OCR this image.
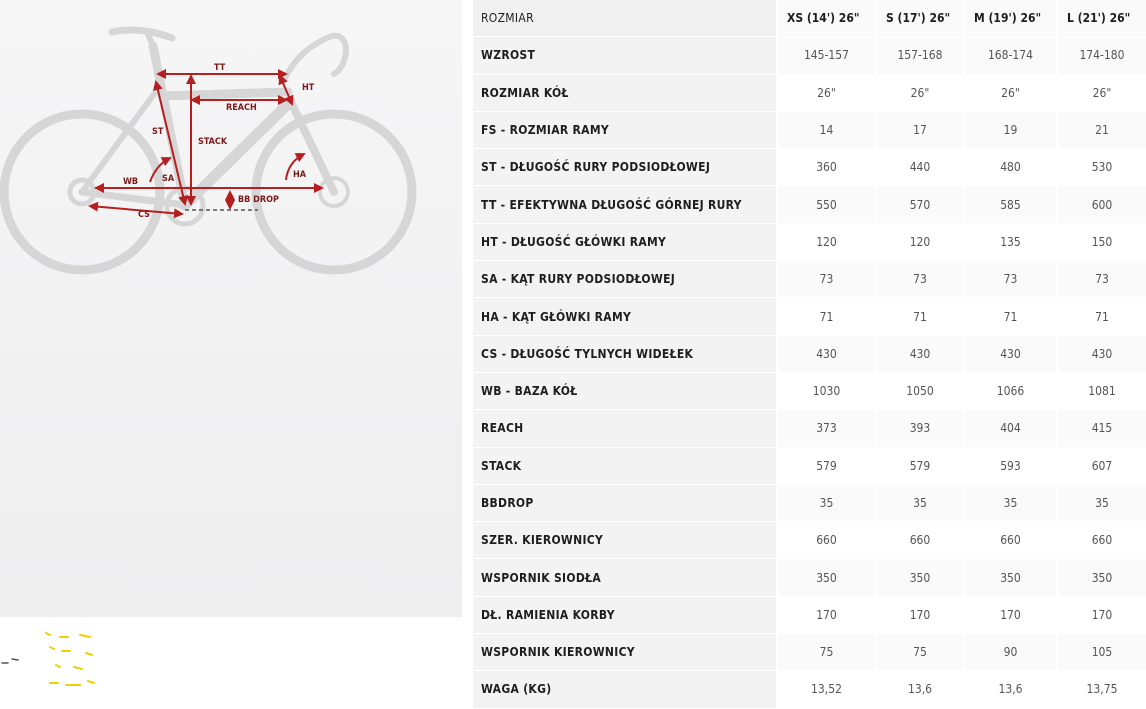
TT
HT
REACH
ST
STACK
WB	SA	HA
BB DROP
CS
ROZMIAR	XS (14') 26"	S (17') 26"	M (19') 26"	L (21') 26"
WZROST	145-157	157-168	168-174	174-180
ROZMIAR KÓŁ	26"	26"	26"	26"
FS - ROZMIAR RAMY	14	17	19	21
ST - DŁUGOŚĆ RURY PODSIODŁOWEJ	360	440	480	530
TT - EFEKTYWNA DŁUGOŚĆ GÓRNEJ RURY	550	570	585	600
HT - DŁUGOŚĆ GŁÓWKI RAMY	120	120	135	150
SA - KĄT RURY PODSIODŁOWEJ	73	73	73	73
HA - KĄT GŁÓWKI RAMY	71	71	71	71
CS - DŁUGOŚĆ TYLNYCH WIDEŁEK	430	430	430	430
WB - BAZA KÓŁ	1030	1050	1066	1081
REACH	373	393	404	415
STACK	579	579	593	607
BBDROP	35	35	35	35
SZER. KIEROWNICY	660	660	660	660
WSPORNIK SIODŁA	350	350	350	350
DŁ. RAMIENIA KORBY	170	170	170	170
WSPORNIK KIEROWNICY	75	75	90	105
WAGA (KG)	13,52	13,6	13,6	13,75
